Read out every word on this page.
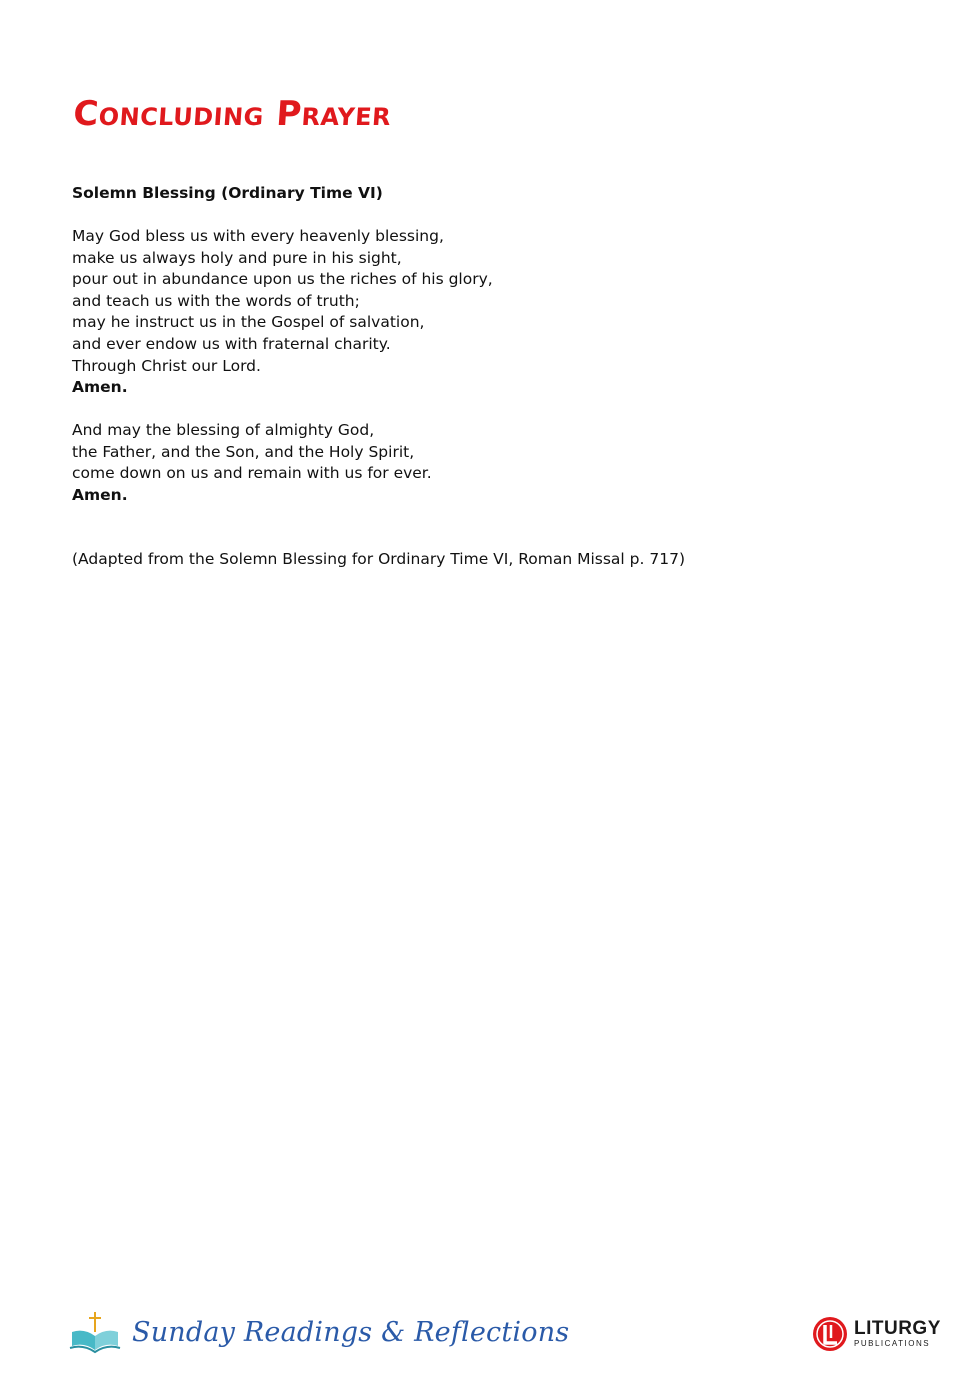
Concluding Prayer
Solemn Blessing (Ordinary Time VI)
May God bless us with every heavenly blessing,
make us always holy and pure in his sight,
pour out in abundance upon us the riches of his glory,
and teach us with the words of truth;
may he instruct us in the Gospel of salvation,
and ever endow us with fraternal charity.
Through Christ our Lord.
Amen.
And may the blessing of almighty God,
the Father, and the Son, and the Holy Spirit,
come down on us and remain with us for ever.
Amen.
(Adapted from the Solemn Blessing for Ordinary Time VI, Roman Missal p. 717)
Sunday Readings & Reflections	LITURGY
PUBLICATIONS
